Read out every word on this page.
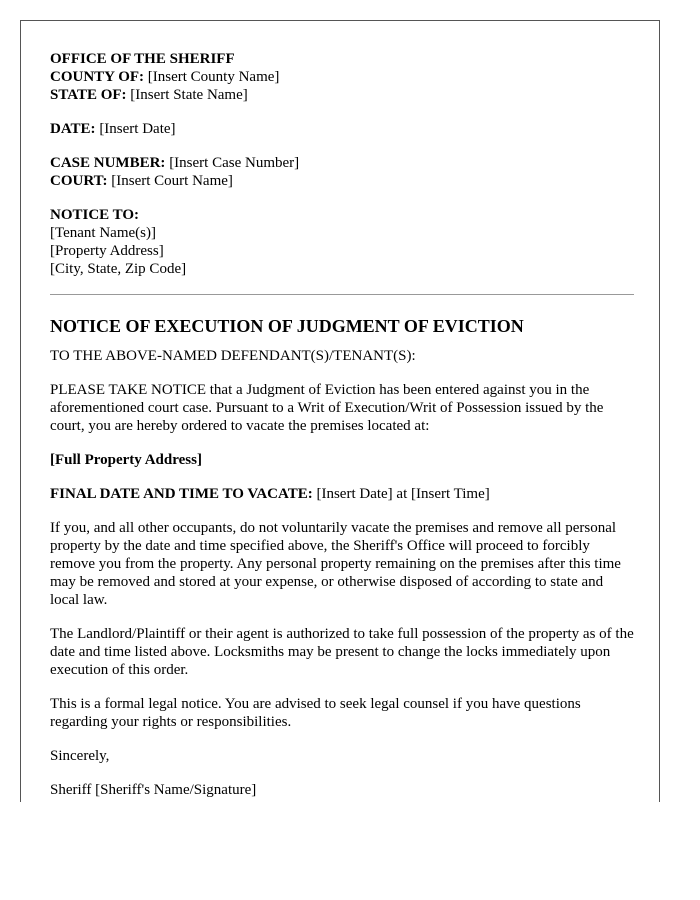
OFFICE OF THE SHERIFF
COUNTY OF: [Insert County Name]
STATE OF: [Insert State Name]
DATE: [Insert Date]
CASE NUMBER: [Insert Case Number]
COURT: [Insert Court Name]
NOTICE TO:
[Tenant Name(s)]
[Property Address]
[City, State, Zip Code]
NOTICE OF EXECUTION OF JUDGMENT OF EVICTION

TO THE ABOVE-NAMED DEFENDANT(S)/TENANT(S):

PLEASE TAKE NOTICE that a Judgment of Eviction has been entered against you in the aforementioned court case. Pursuant to a Writ of Execution/Writ of Possession issued by the court, you are hereby ordered to vacate the premises located at:

[Full Property Address]

FINAL DATE AND TIME TO VACATE: [Insert Date] at [Insert Time]

If you, and all other occupants, do not voluntarily vacate the premises and remove all personal property by the date and time specified above, the Sheriff's Office will proceed to forcibly remove you from the property. Any personal property remaining on the premises after this time may be removed and stored at your expense, or otherwise disposed of according to state and local law.

The Landlord/Plaintiff or their agent is authorized to take full possession of the property as of the date and time listed above. Locksmiths may be present to change the locks immediately upon execution of this order.

This is a formal legal notice. You are advised to seek legal counsel if you have questions regarding your rights or responsibilities.

Sincerely,

Sheriff [Sheriff's Name/Signature]
